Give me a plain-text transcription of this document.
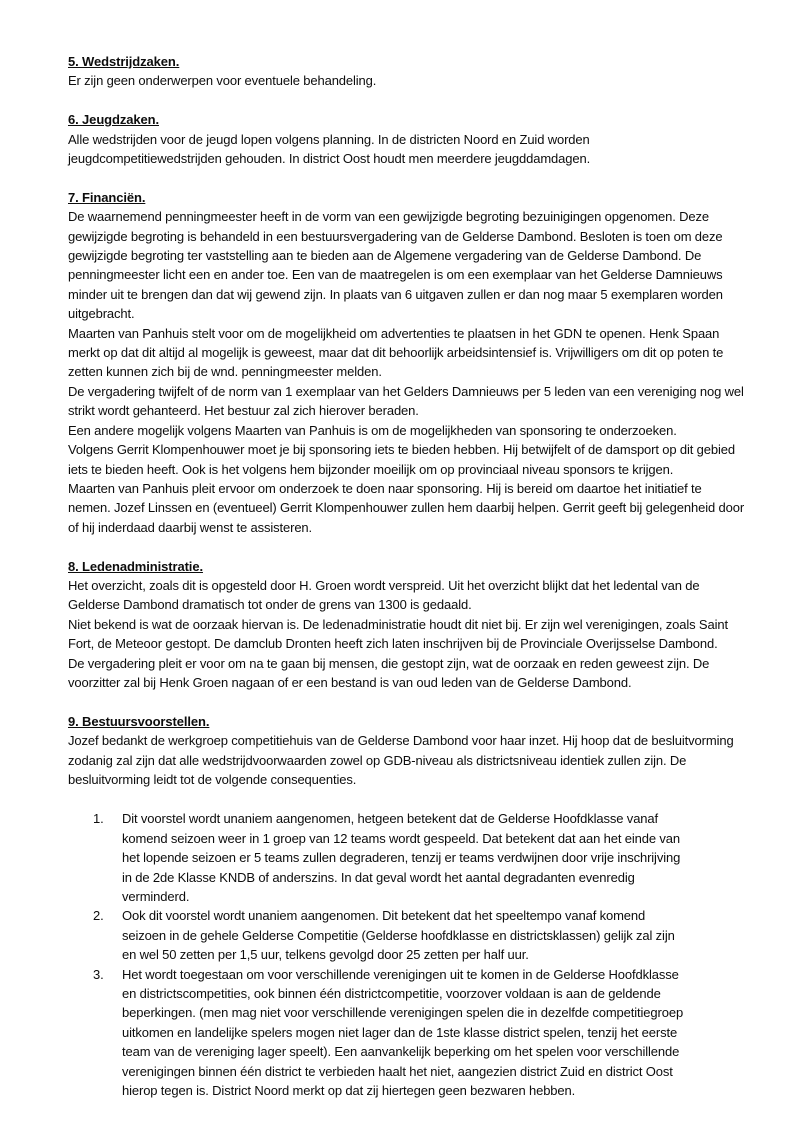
5. Wedstrijdzaken.

Er zijn geen onderwerpen voor eventuele behandeling.

6. Jeugdzaken.

Alle wedstrijden voor de jeugd lopen volgens planning. In de districten Noord en Zuid worden jeugdcompetitiewedstrijden gehouden. In district Oost houdt men meerdere jeugddamdagen.

7. Financiën.

De waarnemend penningmeester heeft in de vorm van een gewijzigde begroting bezuinigingen opgenomen. Deze gewijzigde begroting is behandeld in een bestuursvergadering van de Gelderse Dambond. Besloten is toen om deze gewijzigde begroting ter vaststelling aan te bieden aan de Algemene vergadering van de Gelderse Dambond. De penningmeester licht een en ander toe. Een van de maatregelen is om een exemplaar van het Gelderse Damnieuws minder uit te brengen dan dat wij gewend zijn. In plaats van 6 uitgaven zullen er dan nog maar 5 exemplaren worden uitgebracht.

Maarten van Panhuis stelt voor om de mogelijkheid om advertenties te plaatsen in het GDN te openen. Henk Spaan merkt op dat dit altijd al mogelijk is geweest, maar dat dit behoorlijk arbeidsintensief is. Vrijwilligers om dit op poten te zetten kunnen zich bij de wnd. penningmeester melden.

De vergadering twijfelt of de norm van 1 exemplaar van het Gelders Damnieuws per 5 leden van een vereniging nog wel strikt wordt gehanteerd. Het bestuur zal zich hierover beraden.

Een andere mogelijk volgens Maarten van Panhuis is om de mogelijkheden van sponsoring te onderzoeken.

Volgens Gerrit Klompenhouwer moet je bij sponsoring iets te bieden hebben. Hij betwijfelt of de damsport op dit gebied iets te bieden heeft. Ook is het volgens hem bijzonder moeilijk om op provinciaal niveau sponsors te krijgen.

Maarten van Panhuis pleit ervoor om onderzoek te doen naar sponsoring. Hij is bereid om daartoe het initiatief te nemen. Jozef Linssen en (eventueel) Gerrit Klompenhouwer zullen hem daarbij helpen. Gerrit geeft bij gelegenheid door of hij inderdaad daarbij wenst te assisteren.

8. Ledenadministratie.

Het overzicht, zoals dit is opgesteld door H. Groen wordt verspreid. Uit het overzicht blijkt dat het ledental van de Gelderse Dambond dramatisch tot onder de grens van 1300 is gedaald.

Niet bekend is wat de oorzaak hiervan is. De ledenadministratie houdt dit niet bij. Er zijn wel verenigingen, zoals Saint Fort, de Meteoor gestopt. De damclub Dronten heeft zich laten inschrijven bij de Provinciale Overijsselse Dambond.

De vergadering pleit er voor om na te gaan bij mensen, die gestopt zijn, wat de oorzaak en reden geweest zijn. De voorzitter zal bij Henk Groen nagaan of er een bestand is van oud leden van de Gelderse Dambond.

9. Bestuursvoorstellen.

Jozef bedankt de werkgroep competitiehuis van de Gelderse Dambond voor haar inzet. Hij hoop dat de besluitvorming zodanig zal zijn dat alle wedstrijdvoorwaarden zowel op GDB-niveau als districtsniveau identiek zullen zijn. De besluitvorming leidt tot de volgende consequenties.

Dit voorstel wordt unaniem aangenomen, hetgeen betekent dat de Gelderse Hoofdklasse vanaf komend seizoen weer in 1 groep van 12 teams wordt gespeeld. Dat betekent dat aan het einde van het lopende seizoen er 5 teams zullen degraderen, tenzij er teams verdwijnen door vrije inschrijving in de 2de Klasse KNDB of anderszins. In dat geval wordt het aantal degradanten evenredig verminderd.
Ook dit voorstel wordt unaniem aangenomen. Dit betekent dat het speeltempo vanaf komend seizoen in de gehele Gelderse Competitie (Gelderse hoofdklasse en districtsklassen) gelijk zal zijn en wel 50 zetten per 1,5 uur, telkens gevolgd door 25 zetten per half uur.
Het wordt toegestaan om voor verschillende verenigingen uit te komen in de Gelderse Hoofdklasse en districtscompetities, ook binnen één districtcompetitie, voorzover voldaan is aan de geldende beperkingen. (men mag niet voor verschillende verenigingen spelen die in dezelfde competitiegroep uitkomen en landelijke spelers mogen niet lager dan de 1ste klasse district spelen, tenzij het eerste team van de vereniging lager speelt). Een aanvankelijk beperking om het spelen voor verschillende verenigingen binnen één district te verbieden haalt het niet, aangezien district Zuid en district Oost hierop tegen is. District Noord merkt op dat zij hiertegen geen bezwaren hebben.
